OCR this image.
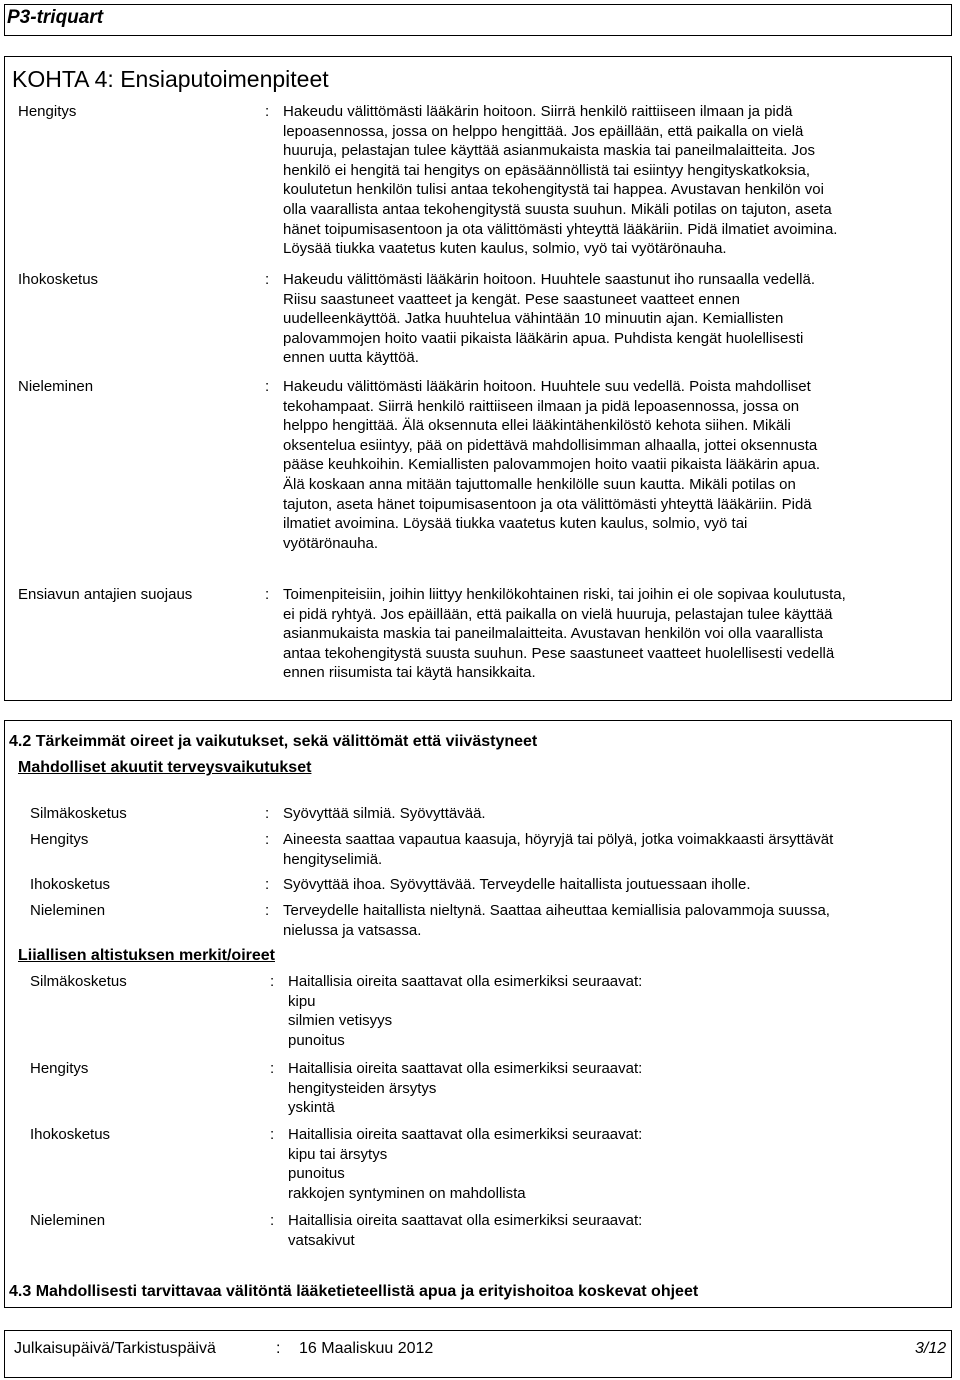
P3-triquart
KOHTA 4: Ensiaputoimenpiteet
Hengitys	: Hakeudu välittömästi lääkärin hoitoon. Siirrä henkilö raittiiseen ilmaan ja pidä
lepoasennossa, jossa on helppo hengittää. Jos epäillään, että paikalla on vielä
huuruja, pelastajan tulee käyttää asianmukaista maskia tai paneilmalaitteita. Jos
henkilö ei hengitä tai hengitys on epäsäännöllistä tai esiintyy hengityskatkoksia,
koulutetun henkilön tulisi antaa tekohengitystä tai happea. Avustavan henkilön voi
olla vaarallista antaa tekohengitystä suusta suuhun. Mikäli potilas on tajuton, aseta
hänet toipumisasentoon ja ota välittömästi yhteyttä lääkäriin. Pidä ilmatiet avoimina.
Löysää tiukka vaatetus kuten kaulus, solmio, vyö tai vyötärönauha.
Ihokosketus	: Hakeudu välittömästi lääkärin hoitoon. Huuhtele saastunut iho runsaalla vedellä.
Riisu saastuneet vaatteet ja kengät. Pese saastuneet vaatteet ennen
uudelleenkäyttöä. Jatka huuhtelua vähintään 10 minuutin ajan. Kemiallisten
palovammojen hoito vaatii pikaista lääkärin apua. Puhdista kengät huolellisesti
ennen uutta käyttöä.
Nieleminen	: Hakeudu välittömästi lääkärin hoitoon. Huuhtele suu vedellä. Poista mahdolliset
tekohampaat. Siirrä henkilö raittiiseen ilmaan ja pidä lepoasennossa, jossa on
helppo hengittää. Älä oksennuta ellei lääkintähenkilöstö kehota siihen. Mikäli
oksentelua esiintyy, pää on pidettävä mahdollisimman alhaalla, jottei oksennusta
pääse keuhkoihin. Kemiallisten palovammojen hoito vaatii pikaista lääkärin apua.
Älä koskaan anna mitään tajuttomalle henkilölle suun kautta. Mikäli potilas on
tajuton, aseta hänet toipumisasentoon ja ota välittömästi yhteyttä lääkäriin. Pidä
ilmatiet avoimina. Löysää tiukka vaatetus kuten kaulus, solmio, vyö tai
vyötärönauha.
Ensiavun antajien suojaus	: Toimenpiteisiin, joihin liittyy henkilökohtainen riski, tai joihin ei ole sopivaa koulutusta,
ei pidä ryhtyä. Jos epäillään, että paikalla on vielä huuruja, pelastajan tulee käyttää
asianmukaista maskia tai paneilmalaitteita. Avustavan henkilön voi olla vaarallista
antaa tekohengitystä suusta suuhun. Pese saastuneet vaatteet huolellisesti vedellä
ennen riisumista tai käytä hansikkaita.
4.2 Tärkeimmät oireet ja vaikutukset, sekä välittömät että viivästyneet
Mahdolliset akuutit terveysvaikutukset
Silmäkosketus	: Syövyttää silmiä. Syövyttävää.
Hengitys	: Aineesta saattaa vapautua kaasuja, höyryjä tai pölyä, jotka voimakkaasti ärsyttävät
hengityselimiä.
Ihokosketus	: Syövyttää ihoa. Syövyttävää. Terveydelle haitallista joutuessaan iholle.
Nieleminen	: Terveydelle haitallista nieltynä. Saattaa aiheuttaa kemiallisia palovammoja suussa,
nielussa ja vatsassa.
Liiallisen altistuksen merkit/oireet
Silmäkosketus	: Haitallisia oireita saattavat olla esimerkiksi seuraavat:
kipu
silmien vetisyys
punoitus
Hengitys	: Haitallisia oireita saattavat olla esimerkiksi seuraavat:
hengitysteiden ärsytys
yskintä
Ihokosketus	: Haitallisia oireita saattavat olla esimerkiksi seuraavat:
kipu tai ärsytys
punoitus
rakkojen syntyminen on mahdollista
Nieleminen	: Haitallisia oireita saattavat olla esimerkiksi seuraavat:
vatsakivut
4.3 Mahdollisesti tarvittavaa välitöntä lääketieteellistä apua ja erityishoitoa koskevat ohjeet
Julkaisupäivä/Tarkistuspäivä	: 16 Maaliskuu 2012	3/12
